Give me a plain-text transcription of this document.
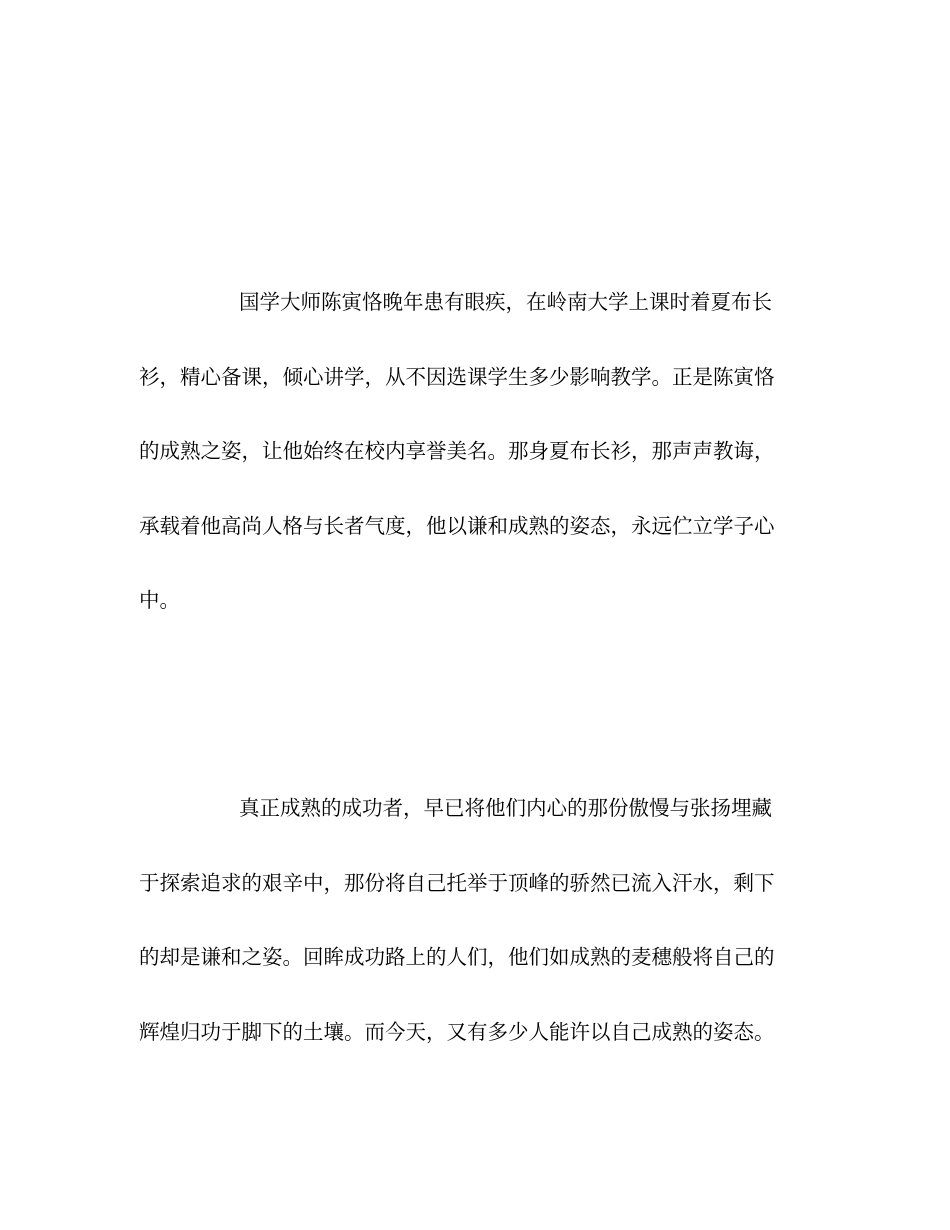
国学大师陈寅恪晚年患有眼疾，在岭南大学上课时着夏布长
衫，精心备课，倾心讲学，从不因选课学生多少影响教学。正是陈寅恪
的成熟之姿，让他始终在校内享誉美名。那身夏布长衫，那声声教诲，
承载着他高尚人格与长者气度，他以谦和成熟的姿态，永远伫立学子心
中。
真正成熟的成功者，早已将他们内心的那份傲慢与张扬埋藏
于探索追求的艰辛中，那份将自己托举于顶峰的骄然已流入汗水，剩下
的却是谦和之姿。回眸成功路上的人们，他们如成熟的麦穗般将自己的
辉煌归功于脚下的土壤。而今天，又有多少人能许以自己成熟的姿态。
